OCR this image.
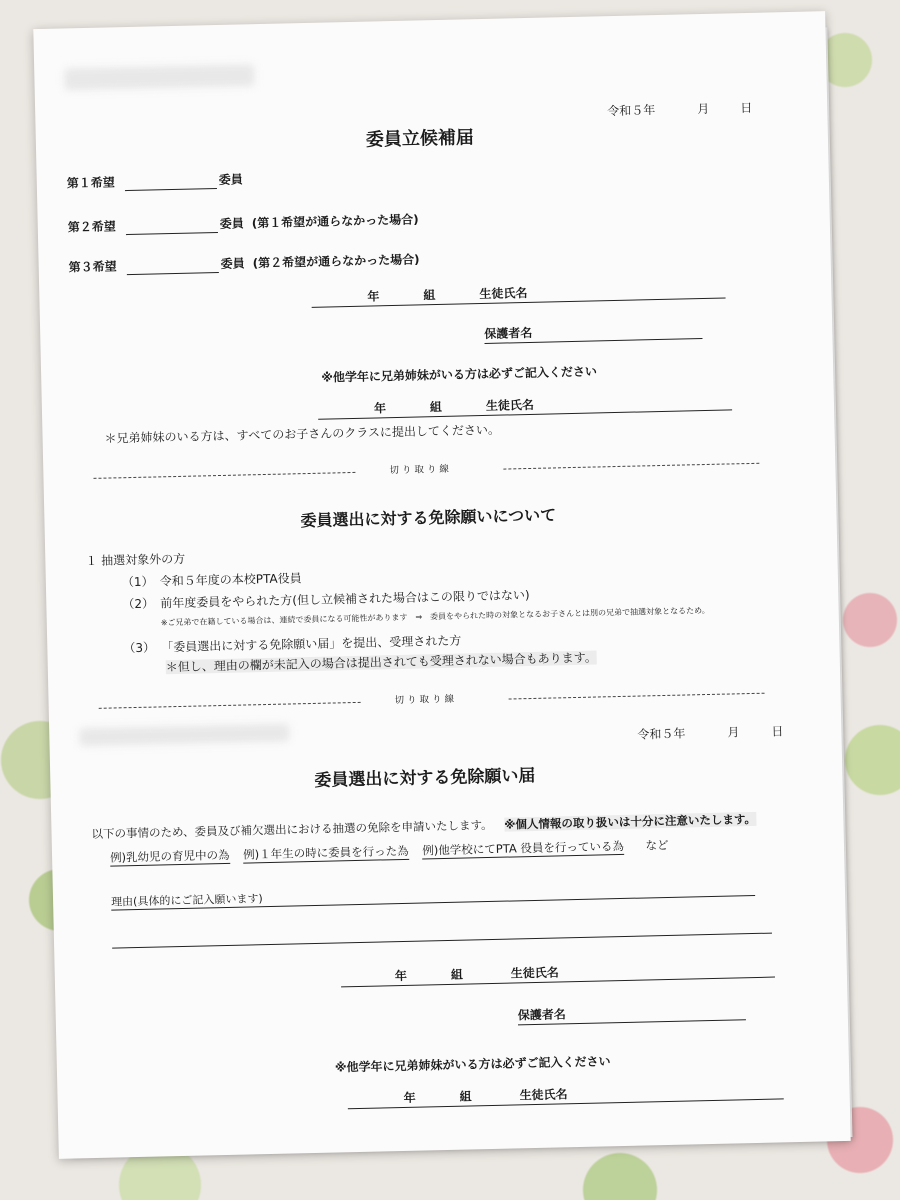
令和５年	月	日
委員立候補届
第１希望	委員
第２希望	委員 (第１希望が通らなかった場合)
第３希望	委員 (第２希望が通らなかった場合)
年	組	生徒氏名
保護者名
※他学年に兄弟姉妹がいる方は必ずご記入ください
年	組	生徒氏名
＊兄弟姉妹のいる方は、すべてのお子さんのクラスに提出してください。
切り取り線
委員選出に対する免除願いについて
１ 抽選対象外の方
（1） 令和５年度の本校PTA役員
（2） 前年度委員をやられた方(但し立候補された場合はこの限りではない)
※ご兄弟で在籍している場合は、連続で委員になる可能性があります　⇒　委員をやられた時の対象となるお子さんとは別の兄弟で抽選対象となるため。
（3） 「委員選出に対する免除願い届」を提出、受理された方
＊但し、理由の欄が未記入の場合は提出されても受理されない場合もあります。
切り取り線
令和５年	月	日
委員選出に対する免除願い届
以下の事情のため、委員及び補欠選出における抽選の免除を申請いたします。 ※個人情報の取り扱いは十分に注意いたします。
例)乳幼児の育児中の為 例)１年生の時に委員を行った為 例)他学校にてPTA 役員を行っている為 など
理由(具体的にご記入願います)
年	組	生徒氏名
保護者名
※他学年に兄弟姉妹がいる方は必ずご記入ください
年	組	生徒氏名
